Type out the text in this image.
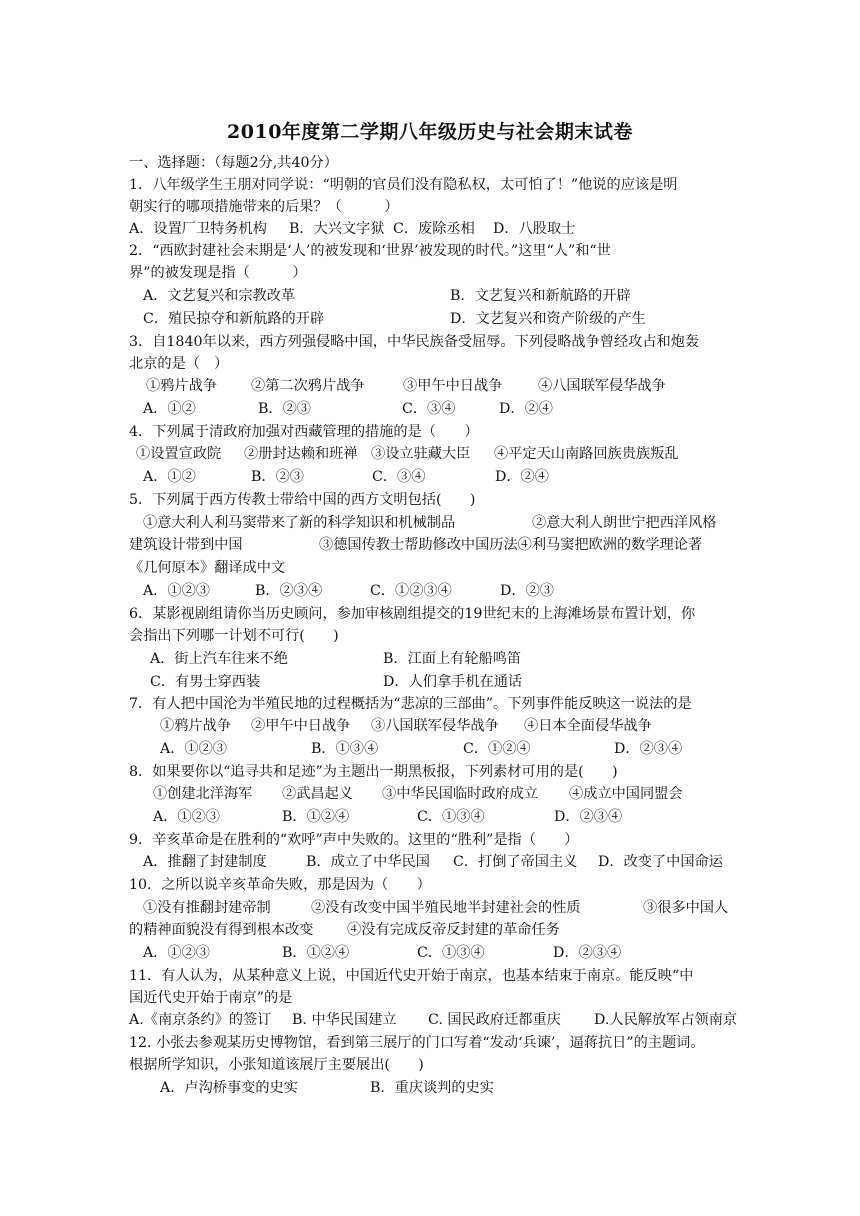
2010年度第二学期八年级历史与社会期末试卷
一、选择题：（每题2分,共40分）
1．八年级学生王朋对同学说：“明朝的官员们没有隐私权，太可怕了！”他说的应该是明
朝实行的哪项措施带来的后果？（　　　）
A．设置厂卫特务机构 B．大兴文字狱 C．废除丞相 D．八股取士
2．“西欧封建社会末期是‘人’的被发现和‘世界’被发现的时代。”这里“人”和“世
界”的被发现是指（　　　）
A．文艺复兴和宗教改革	B．文艺复兴和新航路的开辟
C．殖民掠夺和新航路的开辟	D．文艺复兴和资产阶级的产生
3．自1840年以来，西方列强侵略中国，中华民族备受屈辱。下列侵略战争曾经攻占和炮轰
北京的是（　）
①鸦片战争 ②第二次鸦片战争	③甲午中日战争	④八国联军侵华战争
A．①②	B．②③	C．③④	D．②④
4．下列属于清政府加强对西藏管理的措施的是（　　）
①设置宣政院 ②册封达赖和班禅 ③设立驻藏大臣 ④平定天山南路回族贵族叛乱
A．①②	B．②③	C．③④	D．②④
5．下列属于西方传教士带给中国的西方文明包括(　　)
①意大利人利马窦带来了新的科学知识和机械制品	②意大利人朗世宁把西洋风格
建筑设计带到中国	③德国传教士帮助修改中国历法④利马窦把欧洲的数学理论著
《几何原本》翻译成中文
A．①②③	B．②③④	C．①②③④	D．②③
6．某影视剧组请你当历史顾问，参加审核剧组提交的19世纪末的上海滩场景布置计划，你
会指出下列哪一计划不可行(　　)
A．街上汽车往来不绝	B．江面上有轮船鸣笛
C．有男士穿西装	D．人们拿手机在通话
7．有人把中国沦为半殖民地的过程概括为“悲凉的三部曲”。下列事件能反映这一说法的是
①鸦片战争 ②甲午中日战争 ③八国联军侵华战争 ④日本全面侵华战争
A．①②③	B．①③④	C．①②④	D．②③④
8．如果要你以“追寻共和足迹”为主题出一期黑板报，下列素材可用的是(　　)
①创建北洋海军 ②武昌起义 ③中华民国临时政府成立 ④成立中国同盟会
A．①②③	B．①②④	C．①③④	D．②③④
9．辛亥革命是在胜利的“欢呼”声中失败的。这里的“胜利”是指（　　）
A．推翻了封建制度	B．成立了中华民国 C．打倒了帝国主义 D．改变了中国命运
10．之所以说辛亥革命失败，那是因为（　　）
①没有推翻封建帝制	②没有改变中国半殖民地半封建社会的性质	③很多中国人
的精神面貌没有得到根本改变 ④没有完成反帝反封建的革命任务
A．①②③	B．①②④	C．①③④	D．②③④
11．有人认为，从某种意义上说，中国近代史开始于南京，也基本结束于南京。能反映“中
国近代史开始于南京”的是
A.《南京条约》的签订 B. 中华民国建立 C. 国民政府迁都重庆 D.人民解放军占领南京
12. 小张去参观某历史博物馆，看到第三展厅的门口写着“发动‘兵谏’，逼蒋抗日”的主题词。
根据所学知识，小张知道该展厅主要展出(　　)
A．卢沟桥事变的史实	B．重庆谈判的史实
